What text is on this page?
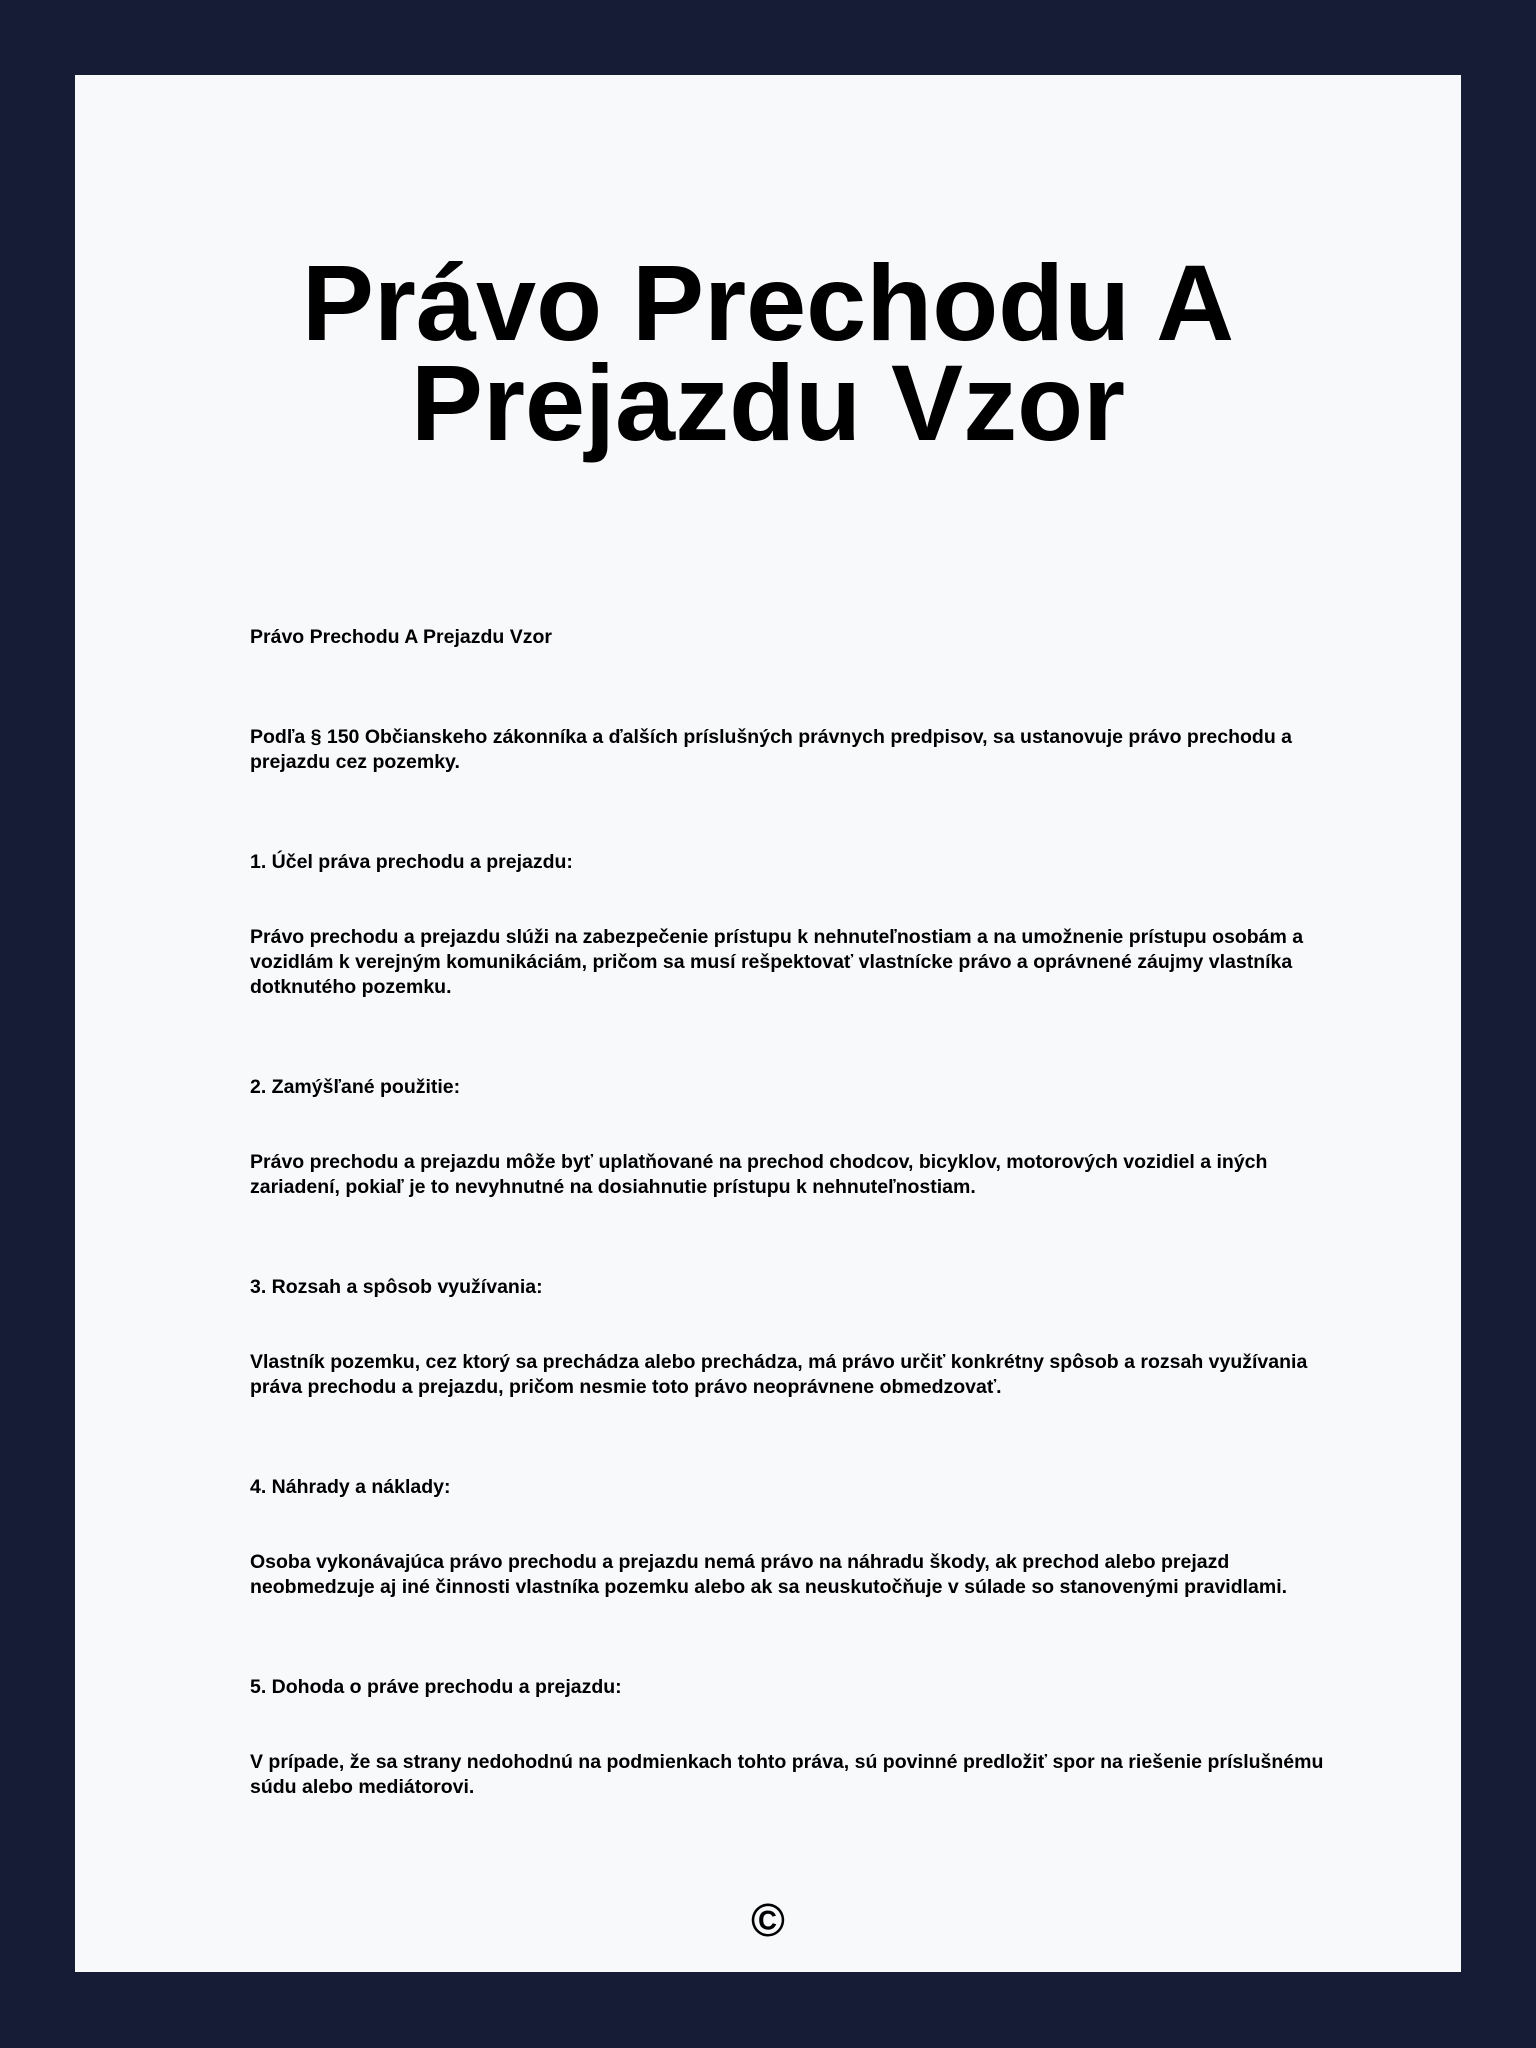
Právo Prechodu A Prejazdu Vzor

Právo Prechodu A Prejazdu Vzor

Podľa § 150 Občianskeho zákonníka a ďalších príslušných právnych predpisov, sa ustanovuje právo prechodu a prejazdu cez pozemky.

1. Účel práva prechodu a prejazdu:

Právo prechodu a prejazdu slúži na zabezpečenie prístupu k nehnuteľnostiam a na umožnenie prístupu osobám a vozidlám k verejným komunikáciám, pričom sa musí rešpektovať vlastnícke právo a oprávnené záujmy vlastníka dotknutého pozemku.

2. Zamýšľané použitie:

Právo prechodu a prejazdu môže byť uplatňované na prechod chodcov, bicyklov, motorových vozidiel a iných zariadení, pokiaľ je to nevyhnutné na dosiahnutie prístupu k nehnuteľnostiam.

3. Rozsah a spôsob využívania:

Vlastník pozemku, cez ktorý sa prechádza alebo prechádza, má právo určiť konkrétny spôsob a rozsah využívania práva prechodu a prejazdu, pričom nesmie toto právo neoprávnene obmedzovať.

4. Náhrady a náklady:

Osoba vykonávajúca právo prechodu a prejazdu nemá právo na náhradu škody, ak prechod alebo prejazd neobmedzuje aj iné činnosti vlastníka pozemku alebo ak sa neuskutočňuje v súlade so stanovenými pravidlami.

5. Dohoda o práve prechodu a prejazdu:

V prípade, že sa strany nedohodnú na podmienkach tohto práva, sú povinné predložiť spor na riešenie príslušnému súdu alebo mediátorovi.

©
